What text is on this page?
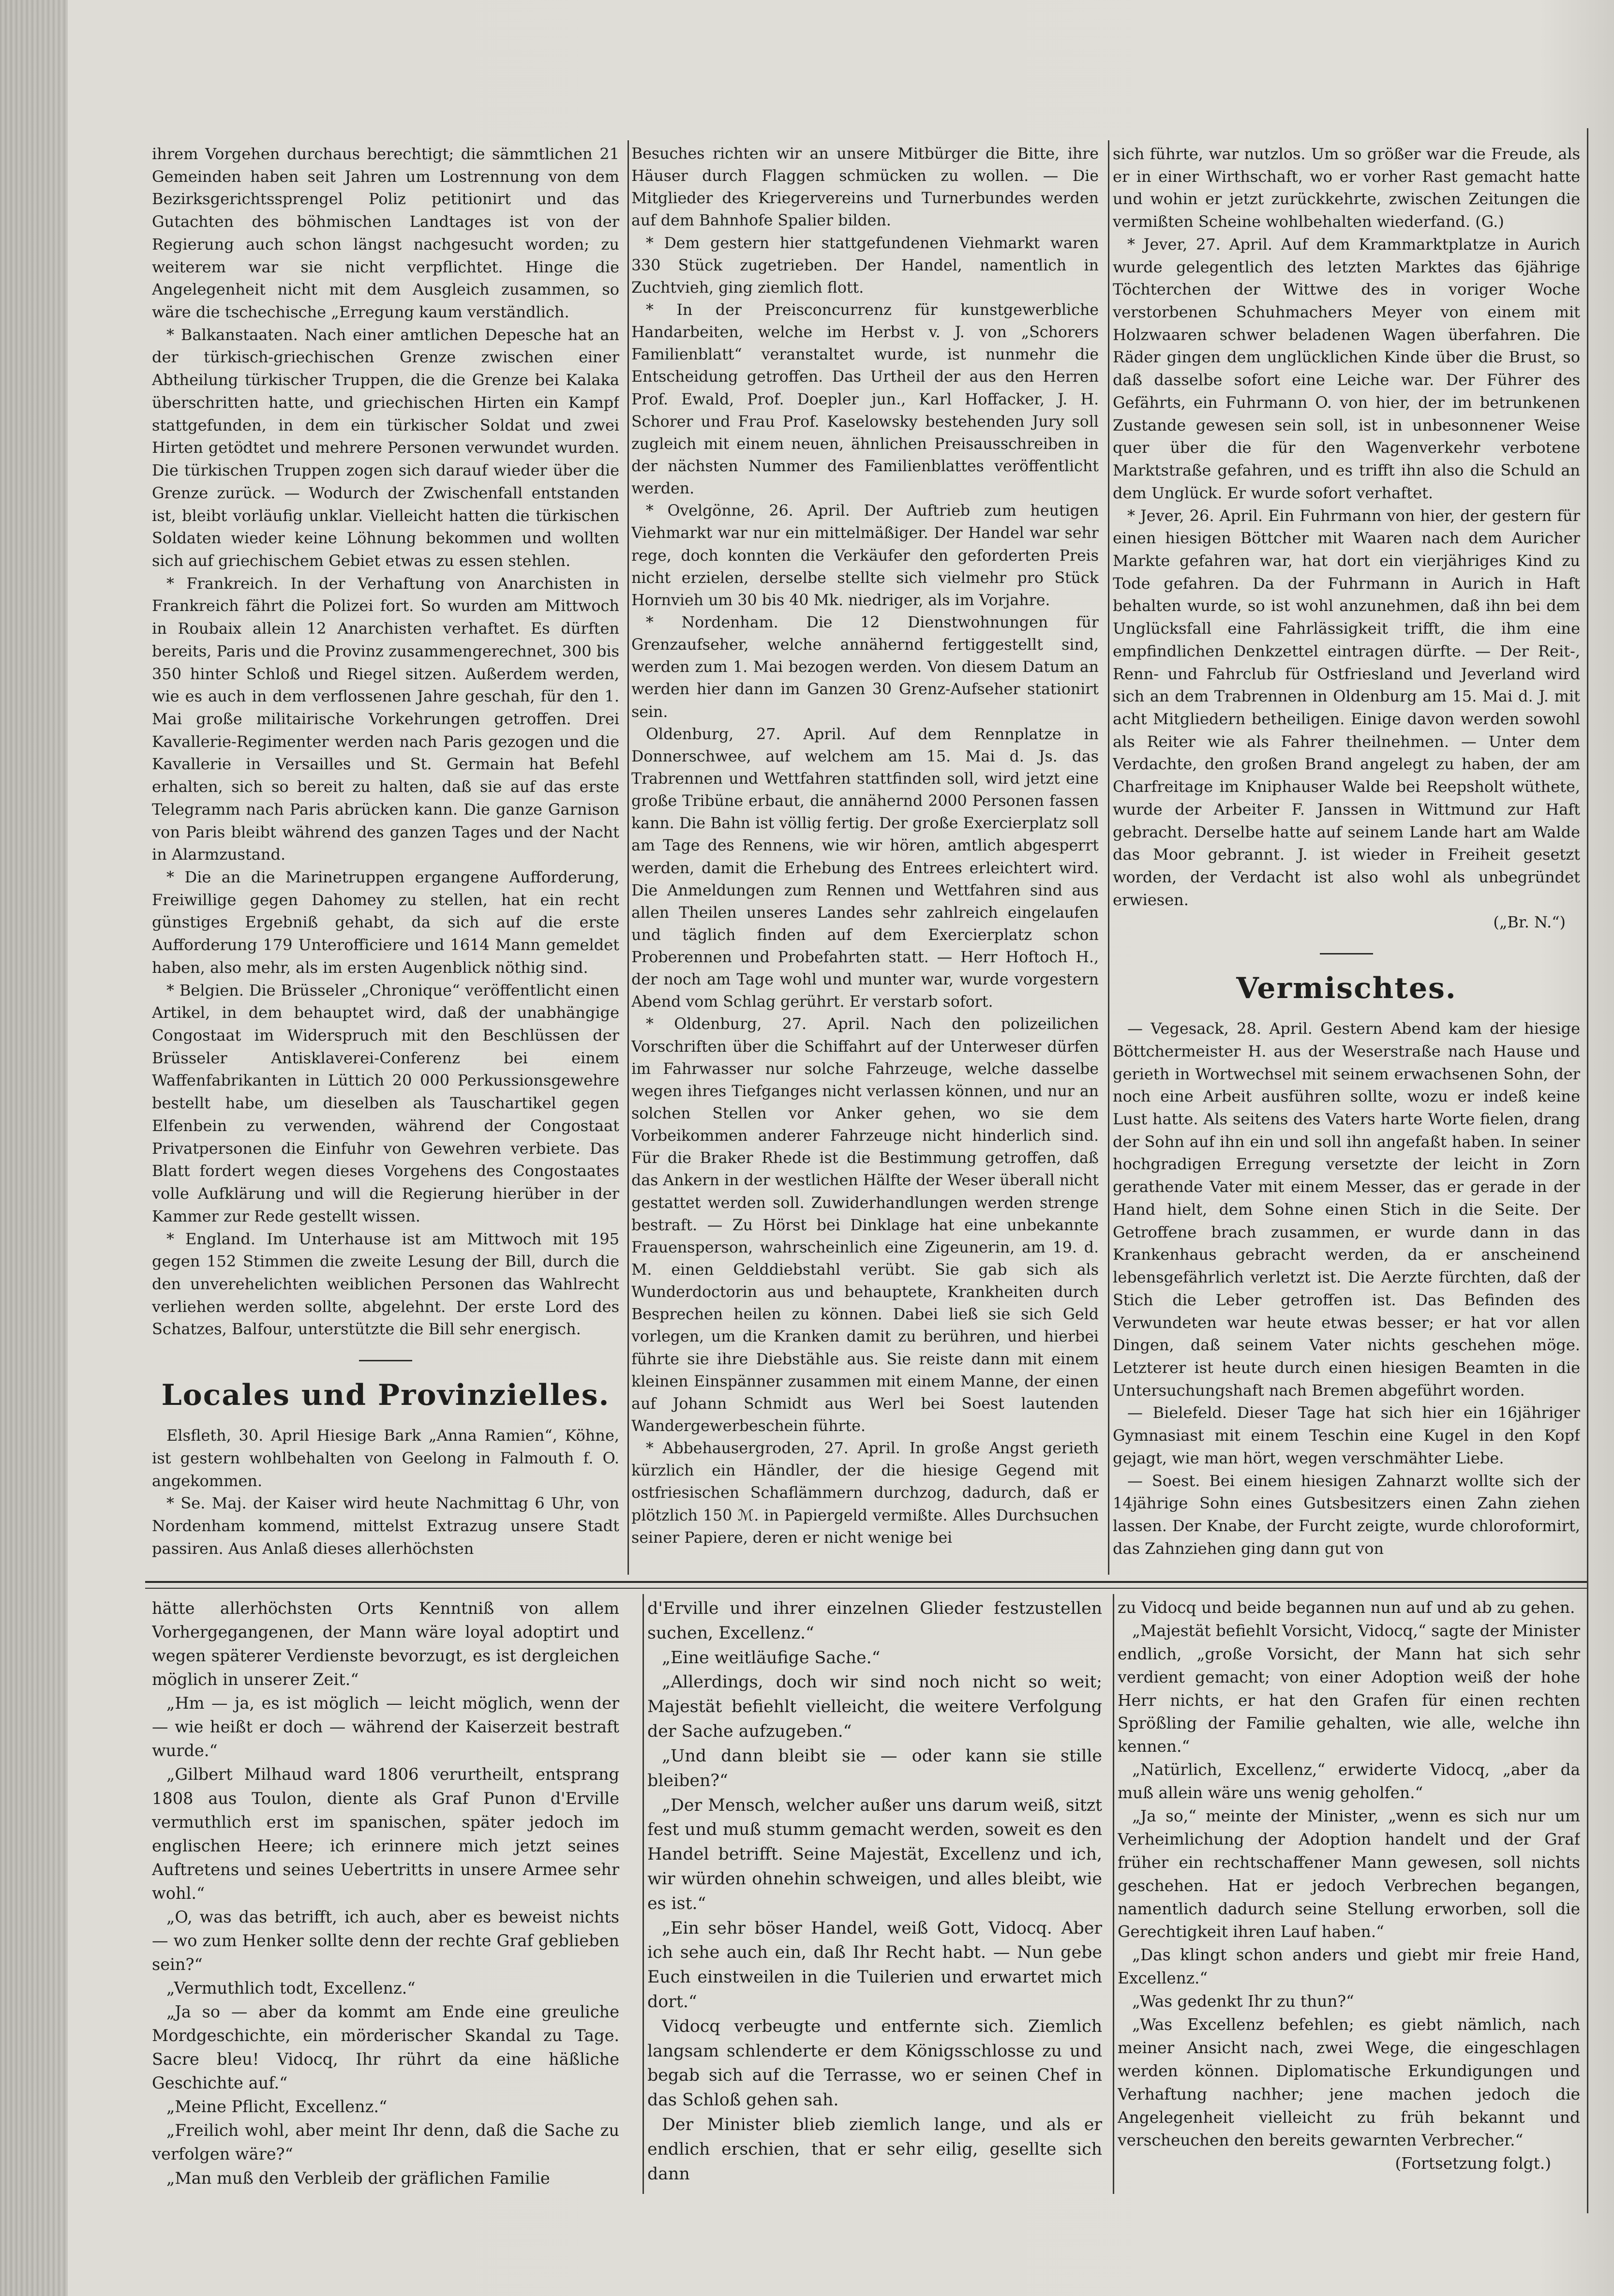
ihrem Vorgehen durchaus berechtigt; die sämmtlichen 21 Gemeinden haben seit Jahren um Lostrennung von dem Bezirksgerichtssprengel Poliz petitionirt und das Gutachten des böhmischen Landtages ist von der Regierung auch schon längst nachgesucht worden; zu weiterem war sie nicht verpflichtet. Hinge die Angelegenheit nicht mit dem Ausgleich zusammen, so wäre die tschechische „Erregung kaum verständlich.

* Balkanstaaten. Nach einer amtlichen Depesche hat an der türkisch-griechischen Grenze zwischen einer Abtheilung türkischer Truppen, die die Grenze bei Kalaka überschritten hatte, und griechischen Hirten ein Kampf stattgefunden, in dem ein türkischer Soldat und zwei Hirten getödtet und mehrere Personen verwundet wurden. Die türkischen Truppen zogen sich darauf wieder über die Grenze zurück. — Wodurch der Zwischenfall entstanden ist, bleibt vorläufig unklar. Vielleicht hatten die türkischen Soldaten wieder keine Löhnung bekommen und wollten sich auf griechischem Gebiet etwas zu essen stehlen.

* Frankreich. In der Verhaftung von Anarchisten in Frankreich fährt die Polizei fort. So wurden am Mittwoch in Roubaix allein 12 Anarchisten verhaftet. Es dürften bereits, Paris und die Provinz zusammengerechnet, 300 bis 350 hinter Schloß und Riegel sitzen. Außerdem werden, wie es auch in dem verflossenen Jahre geschah, für den 1. Mai große militairische Vorkehrungen getroffen. Drei Kavallerie-Regimenter werden nach Paris gezogen und die Kavallerie in Versailles und St. Germain hat Befehl erhalten, sich so bereit zu halten, daß sie auf das erste Telegramm nach Paris abrücken kann. Die ganze Garnison von Paris bleibt während des ganzen Tages und der Nacht in Alarmzustand.

* Die an die Marinetruppen ergangene Aufforderung, Freiwillige gegen Dahomey zu stellen, hat ein recht günstiges Ergebniß gehabt, da sich auf die erste Aufforderung 179 Unterofficiere und 1614 Mann gemeldet haben, also mehr, als im ersten Augenblick nöthig sind.

* Belgien. Die Brüsseler „Chronique“ veröffentlicht einen Artikel, in dem behauptet wird, daß der unabhängige Congostaat im Widerspruch mit den Beschlüssen der Brüsseler Antisklaverei-Conferenz bei einem Waffenfabrikanten in Lüttich 20 000 Perkussionsgewehre bestellt habe, um dieselben als Tauschartikel gegen Elfenbein zu verwenden, während der Congostaat Privatpersonen die Einfuhr von Gewehren verbiete. Das Blatt fordert wegen dieses Vorgehens des Congostaates volle Aufklärung und will die Regierung hierüber in der Kammer zur Rede gestellt wissen.

* England. Im Unterhause ist am Mittwoch mit 195 gegen 152 Stimmen die zweite Lesung der Bill, durch die den unverehelichten weiblichen Personen das Wahlrecht verliehen werden sollte, abgelehnt. Der erste Lord des Schatzes, Balfour, unterstützte die Bill sehr energisch.

Locales und Provinzielles.

Elsfleth, 30. April Hiesige Bark „Anna Ramien“, Köhne, ist gestern wohlbehalten von Geelong in Falmouth f. O. angekommen.

* Se. Maj. der Kaiser wird heute Nachmittag 6 Uhr, von Nordenham kommend, mittelst Extrazug unsere Stadt passiren. Aus Anlaß dieses allerhöchsten

Besuches richten wir an unsere Mitbürger die Bitte, ihre Häuser durch Flaggen schmücken zu wollen. — Die Mitglieder des Kriegervereins und Turnerbundes werden auf dem Bahnhofe Spalier bilden.

* Dem gestern hier stattgefundenen Viehmarkt waren 330 Stück zugetrieben. Der Handel, namentlich in Zuchtvieh, ging ziemlich flott.

* In der Preisconcurrenz für kunstgewerbliche Handarbeiten, welche im Herbst v. J. von „Schorers Familienblatt“ veranstaltet wurde, ist nunmehr die Entscheidung getroffen. Das Urtheil der aus den Herren Prof. Ewald, Prof. Doepler jun., Karl Hoffacker, J. H. Schorer und Frau Prof. Kaselowsky bestehenden Jury soll zugleich mit einem neuen, ähnlichen Preisausschreiben in der nächsten Nummer des Familienblattes veröffentlicht werden.

* Ovelgönne, 26. April. Der Auftrieb zum heutigen Viehmarkt war nur ein mittelmäßiger. Der Handel war sehr rege, doch konnten die Verkäufer den geforderten Preis nicht erzielen, derselbe stellte sich vielmehr pro Stück Hornvieh um 30 bis 40 Mk. niedriger, als im Vorjahre.

* Nordenham. Die 12 Dienstwohnungen für Grenzaufseher, welche annähernd fertiggestellt sind, werden zum 1. Mai bezogen werden. Von diesem Datum an werden hier dann im Ganzen 30 Grenz-Aufseher stationirt sein.

Oldenburg, 27. April. Auf dem Rennplatze in Donnerschwee, auf welchem am 15. Mai d. Js. das Trabrennen und Wettfahren stattfinden soll, wird jetzt eine große Tribüne erbaut, die annähernd 2000 Personen fassen kann. Die Bahn ist völlig fertig. Der große Exercierplatz soll am Tage des Rennens, wie wir hören, amtlich abgesperrt werden, damit die Erhebung des Entrees erleichtert wird. Die Anmeldungen zum Rennen und Wettfahren sind aus allen Theilen unseres Landes sehr zahlreich eingelaufen und täglich finden auf dem Exercierplatz schon Proberennen und Probefahrten statt. — Herr Hoftoch H., der noch am Tage wohl und munter war, wurde vorgestern Abend vom Schlag gerührt. Er verstarb sofort.

* Oldenburg, 27. April. Nach den polizeilichen Vorschriften über die Schiffahrt auf der Unterweser dürfen im Fahrwasser nur solche Fahrzeuge, welche dasselbe wegen ihres Tiefganges nicht verlassen können, und nur an solchen Stellen vor Anker gehen, wo sie dem Vorbeikommen anderer Fahrzeuge nicht hinderlich sind. Für die Braker Rhede ist die Bestimmung getroffen, daß das Ankern in der westlichen Hälfte der Weser überall nicht gestattet werden soll. Zuwiderhandlungen werden strenge bestraft. — Zu Hörst bei Dinklage hat eine unbekannte Frauensperson, wahrscheinlich eine Zigeunerin, am 19. d. M. einen Gelddiebstahl verübt. Sie gab sich als Wunderdoctorin aus und behauptete, Krankheiten durch Besprechen heilen zu können. Dabei ließ sie sich Geld vorlegen, um die Kranken damit zu berühren, und hierbei führte sie ihre Diebstähle aus. Sie reiste dann mit einem kleinen Einspänner zusammen mit einem Manne, der einen auf Johann Schmidt aus Werl bei Soest lautenden Wandergewerbeschein führte.

* Abbehausergroden, 27. April. In große Angst gerieth kürzlich ein Händler, der die hiesige Gegend mit ostfriesischen Schaflämmern durchzog, dadurch, daß er plötzlich 150 ℳ. in Papiergeld vermißte. Alles Durchsuchen seiner Papiere, deren er nicht wenige bei

sich führte, war nutzlos. Um so größer war die Freude, als er in einer Wirthschaft, wo er vorher Rast gemacht hatte und wohin er jetzt zurückkehrte, zwischen Zeitungen die vermißten Scheine wohlbehalten wiederfand. (G.)

* Jever, 27. April. Auf dem Krammarktplatze in Aurich wurde gelegentlich des letzten Marktes das 6jährige Töchterchen der Wittwe des in voriger Woche verstorbenen Schuhmachers Meyer von einem mit Holzwaaren schwer beladenen Wagen überfahren. Die Räder gingen dem unglücklichen Kinde über die Brust, so daß dasselbe sofort eine Leiche war. Der Führer des Gefährts, ein Fuhrmann O. von hier, der im betrunkenen Zustande gewesen sein soll, ist in unbesonnener Weise quer über die für den Wagenverkehr verbotene Marktstraße gefahren, und es trifft ihn also die Schuld an dem Unglück. Er wurde sofort verhaftet.

* Jever, 26. April. Ein Fuhrmann von hier, der gestern für einen hiesigen Böttcher mit Waaren nach dem Auricher Markte gefahren war, hat dort ein vierjähriges Kind zu Tode gefahren. Da der Fuhrmann in Aurich in Haft behalten wurde, so ist wohl anzunehmen, daß ihn bei dem Unglücksfall eine Fahrlässigkeit trifft, die ihm eine empfindlichen Denkzettel eintragen dürfte. — Der Reit-, Renn- und Fahrclub für Ostfriesland und Jeverland wird sich an dem Trabrennen in Oldenburg am 15. Mai d. J. mit acht Mitgliedern betheiligen. Einige davon werden sowohl als Reiter wie als Fahrer theilnehmen. — Unter dem Verdachte, den großen Brand angelegt zu haben, der am Charfreitage im Kniphauser Walde bei Reepsholt wüthete, wurde der Arbeiter F. Janssen in Wittmund zur Haft gebracht. Derselbe hatte auf seinem Lande hart am Walde das Moor gebrannt. J. ist wieder in Freiheit gesetzt worden, der Verdacht ist also wohl als unbegründet erwiesen.

(„Br. N.“)

Vermischtes.

— Vegesack, 28. April. Gestern Abend kam der hiesige Böttchermeister H. aus der Weserstraße nach Hause und gerieth in Wortwechsel mit seinem erwachsenen Sohn, der noch eine Arbeit ausführen sollte, wozu er indeß keine Lust hatte. Als seitens des Vaters harte Worte fielen, drang der Sohn auf ihn ein und soll ihn angefaßt haben. In seiner hochgradigen Erregung versetzte der leicht in Zorn gerathende Vater mit einem Messer, das er gerade in der Hand hielt, dem Sohne einen Stich in die Seite. Der Getroffene brach zusammen, er wurde dann in das Krankenhaus gebracht werden, da er anscheinend lebensgefährlich verletzt ist. Die Aerzte fürchten, daß der Stich die Leber getroffen ist. Das Befinden des Verwundeten war heute etwas besser; er hat vor allen Dingen, daß seinem Vater nichts geschehen möge. Letzterer ist heute durch einen hiesigen Beamten in die Untersuchungshaft nach Bremen abgeführt worden.

— Bielefeld. Dieser Tage hat sich hier ein 16jähriger Gymnasiast mit einem Teschin eine Kugel in den Kopf gejagt, wie man hört, wegen verschmähter Liebe.

— Soest. Bei einem hiesigen Zahnarzt wollte sich der 14jährige Sohn eines Gutsbesitzers einen Zahn ziehen lassen. Der Knabe, der Furcht zeigte, wurde chloroformirt, das Zahnziehen ging dann gut von

hätte allerhöchsten Orts Kenntniß von allem Vorhergegangenen, der Mann wäre loyal adoptirt und wegen späterer Verdienste bevorzugt, es ist dergleichen möglich in unserer Zeit.“

„Hm — ja, es ist möglich — leicht möglich, wenn der — wie heißt er doch — während der Kaiserzeit bestraft wurde.“

„Gilbert Milhaud ward 1806 verurtheilt, entsprang 1808 aus Toulon, diente als Graf Punon d'Erville vermuthlich erst im spanischen, später jedoch im englischen Heere; ich erinnere mich jetzt seines Auftretens und seines Uebertritts in unsere Armee sehr wohl.“

„O, was das betrifft, ich auch, aber es beweist nichts — wo zum Henker sollte denn der rechte Graf geblieben sein?“

„Vermuthlich todt, Excellenz.“

„Ja so — aber da kommt am Ende eine greuliche Mordgeschichte, ein mörderischer Skandal zu Tage. Sacre bleu! Vidocq, Ihr rührt da eine häßliche Geschichte auf.“

„Meine Pflicht, Excellenz.“

„Freilich wohl, aber meint Ihr denn, daß die Sache zu verfolgen wäre?“

„Man muß den Verbleib der gräflichen Familie

d'Erville und ihrer einzelnen Glieder festzustellen suchen, Excellenz.“

„Eine weitläufige Sache.“

„Allerdings, doch wir sind noch nicht so weit; Majestät befiehlt vielleicht, die weitere Verfolgung der Sache aufzugeben.“

„Und dann bleibt sie — oder kann sie stille bleiben?“

„Der Mensch, welcher außer uns darum weiß, sitzt fest und muß stumm gemacht werden, soweit es den Handel betrifft. Seine Majestät, Excellenz und ich, wir würden ohnehin schweigen, und alles bleibt, wie es ist.“

„Ein sehr böser Handel, weiß Gott, Vidocq. Aber ich sehe auch ein, daß Ihr Recht habt. — Nun gebe Euch einstweilen in die Tuilerien und erwartet mich dort.“

Vidocq verbeugte und entfernte sich. Ziemlich langsam schlenderte er dem Königsschlosse zu und begab sich auf die Terrasse, wo er seinen Chef in das Schloß gehen sah.

Der Minister blieb ziemlich lange, und als er endlich erschien, that er sehr eilig, gesellte sich dann

zu Vidocq und beide begannen nun auf und ab zu gehen.

„Majestät befiehlt Vorsicht, Vidocq,“ sagte der Minister endlich, „große Vorsicht, der Mann hat sich sehr verdient gemacht; von einer Adoption weiß der hohe Herr nichts, er hat den Grafen für einen rechten Sprößling der Familie gehalten, wie alle, welche ihn kennen.“

„Natürlich, Excellenz,“ erwiderte Vidocq, „aber da muß allein wäre uns wenig geholfen.“

„Ja so,“ meinte der Minister, „wenn es sich nur um Verheimlichung der Adoption handelt und der Graf früher ein rechtschaffener Mann gewesen, soll nichts geschehen. Hat er jedoch Verbrechen begangen, namentlich dadurch seine Stellung erworben, soll die Gerechtigkeit ihren Lauf haben.“

„Das klingt schon anders und giebt mir freie Hand, Excellenz.“

„Was gedenkt Ihr zu thun?“

„Was Excellenz befehlen; es giebt nämlich, nach meiner Ansicht nach, zwei Wege, die eingeschlagen werden können. Diplomatische Erkundigungen und Verhaftung nachher; jene machen jedoch die Angelegenheit vielleicht zu früh bekannt und verscheuchen den bereits gewarnten Verbrecher.“

(Fortsetzung folgt.)
